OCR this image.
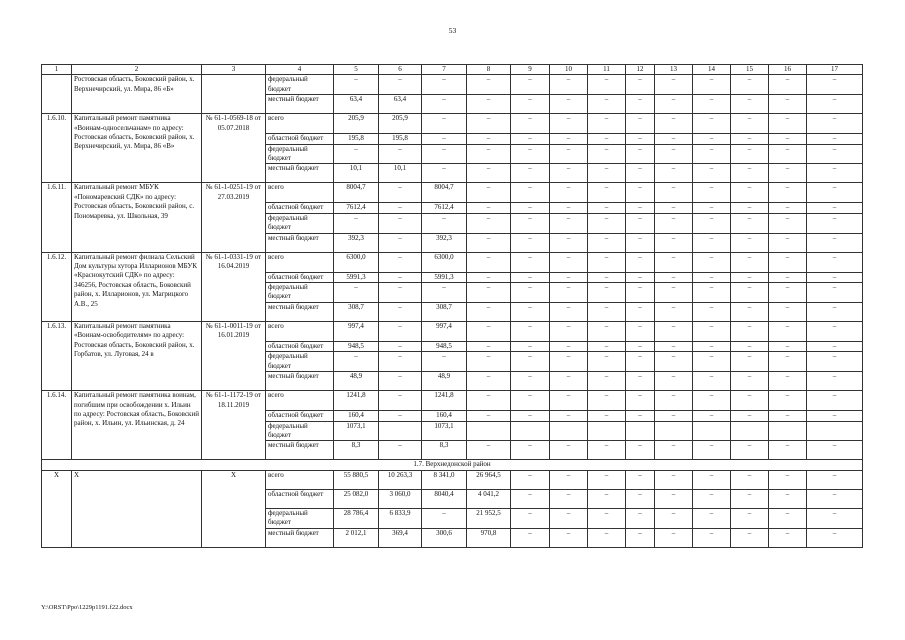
53
1	2	3	4	5	6	7	8	9	10	11	12	13	14	15	16	17
	Ростовская область, Боковский район, х. Верхнечирский, ул. Мира, 86 «Б»		федеральный бюджет	–	–	–	–	–	–	–	–	–	–	–	–	–
			местный бюджет	63,4	63,4	–	–	–	–	–	–	–	–	–	–	–
1.6.10.	Капитальный ремонт памятника «Воинам-односельчанам» по адресу: Ростовская область, Боковский район, х. Верхнечирский, ул. Мира, 86 «В»	№ 61-1-0569-18 от 05.07.2018	всего	205,9	205,9	–	–	–	–	–	–	–	–	–	–	–
			областной бюджет	195,8	195,8	–	–	–	–	–	–	–	–	–	–	–
			федеральный бюджет	–	–	–	–	–	–	–	–	–	–	–	–	–
			местный бюджет	10,1	10,1	–	–	–	–	–	–	–	–	–	–	–
1.6.11.	Капитальный ремонт МБУК «Пономаревский СДК» по адресу: Ростовская область, Боковский район, с. Пономаревка, ул. Школьная, 39	№ 61-1-0251-19 от 27.03.2019	всего	8004,7	–	8004,7	–	–	–	–	–	–	–	–	–	–
			областной бюджет	7612,4	–	7612,4	–	–	–	–	–	–	–	–	–	–
			федеральный бюджет	–	–	–	–	–	–	–	–	–	–	–	–	–
			местный бюджет	392,3	–	392,3	–	–	–	–	–	–	–	–	–	–
1.6.12.	Капитальный ремонт филиала Сельский Дом культуры хутора Илларионов МБУК «Краснокутский СДК» по адресу: 346256, Ростовская область, Боковский район, х. Илларионов, ул. Магрицкого А.В., 25	№ 61-1-0331-19 от 16.04.2019	всего	6300,0	–	6300,0	–	–	–	–	–	–	–	–	–	–
			областной бюджет	5991,3	–	5991,3	–	–	–	–	–	–	–	–	–	–
			федеральный бюджет	–	–	–	–	–	–	–	–	–	–	–	–	–
			местный бюджет	308,7	–	308,7	–	–	–	–	–	–	–	–	–	–
1.6.13.	Капитальный ремонт памятника «Воинам-освободителям» по адресу: Ростовская область, Боковский район, х. Горбатов, ул. Луговая, 24 в	№ 61-1-0011-19 от 16.01.2019	всего	997,4	–	997,4	–	–	–	–	–	–	–	–	–	–
			областной бюджет	948,5	–	948,5	–	–	–	–	–	–	–	–	–	–
			федеральный бюджет	–	–	–	–	–	–	–	–	–	–	–	–	–
			местный бюджет	48,9	–	48,9	–	–	–	–	–	–	–	–	–	–
1.6.14.	Капитальный ремонт памятника воинам, погибшим при освобождении х. Ильин по адресу: Ростовская область, Боковский район, х. Ильин, ул. Ильинская, д. 24	№ 61-1-1172-19 от 18.11.2019	всего	1241,8	–	1241,8	–	–	–	–	–	–	–	–	–	–
			областной бюджет	160,4	–	160,4	–	–	–	–	–	–	–	–	–	–
			федеральный бюджет	1073,1		1073,1										
			местный бюджет	8,3	–	8,3	–	–	–	–	–	–	–	–	–	–
1.7. Верхнедонской район																
Х	Х	Х	всего	55 880,5	10 263,3	8 341,0	26 964,5	–	–	–	–	–	–	–	–	–
			областной бюджет	25 082,0	3 060,0	8040,4	4 041,2	–	–	–	–	–	–	–	–	–
			федеральный бюджет	28 786,4	6 833,9	–	21 952,5	–	–	–	–	–	–	–	–	–
			местный бюджет	2 012,1	369,4	300,6	970,8	–	–	–	–	–	–	–	–	–
Y:\ORST\Ppo\1229p1191.f22.docx
